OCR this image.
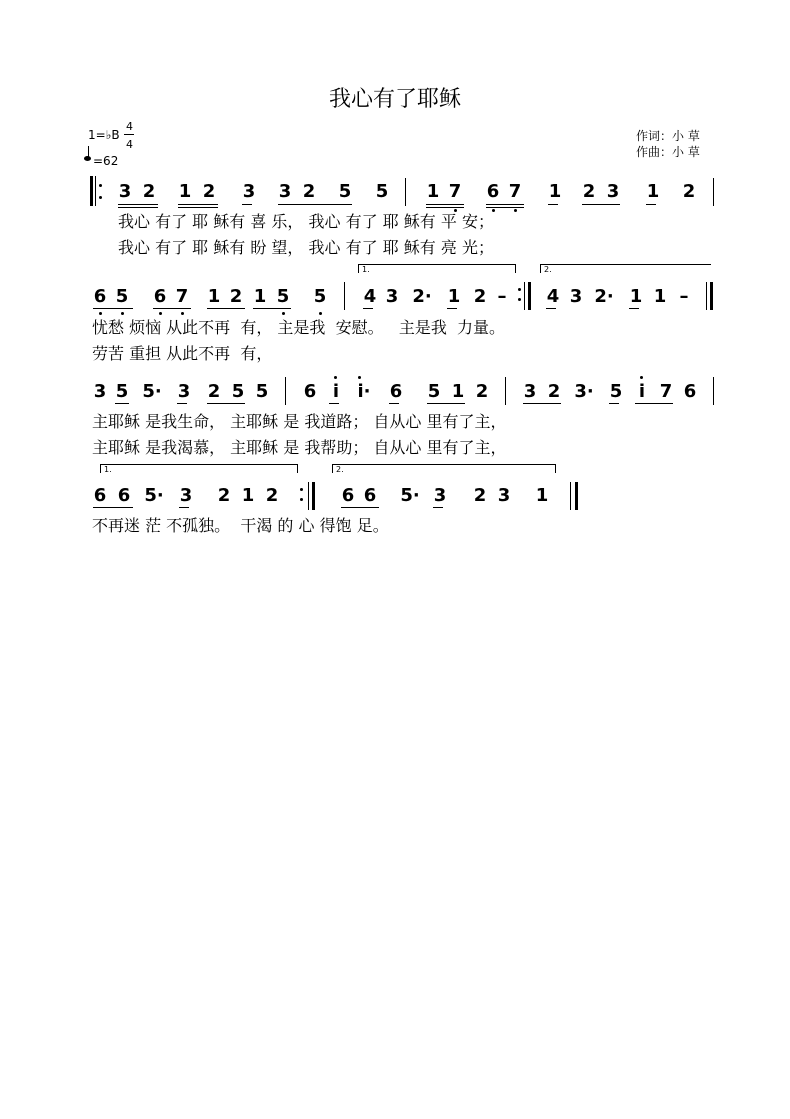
我心有了耶稣
1=♭B
4
4
=62
作词：小 草
作曲：小 草
3 2 1 2 3 3 2 5 5 1 7 6 7 1 2 3 1 2
我心 有了 耶 稣有 喜 乐， 我心 有了 耶 稣有 平 安；
我心 有了 耶 稣有 盼 望， 我心 有了 耶 稣有 亮 光；
1.	2.
6 5 6 7 1 2 1 5 5 4 3 2· 1 2 – 4 3 2· 1 1 –
忧愁 烦恼 从此不再  有， 主是我  安慰。   主是我  力量。
劳苦 重担 从此不再  有，
3 5 5· 3 2 5 5 6 i	i·	6 5 1 2 3 2 3· 5 i 7 6
主耶稣 是我生命， 主耶稣 是 我道路； 自从心 里有了主，
主耶稣 是我渴慕， 主耶稣 是 我帮助； 自从心 里有了主，
1.	2.
6 6 5· 3 2 1 2	6 6 5· 3 2 3 1
不再迷 茫 不孤独。  干渴 的 心 得饱 足。
